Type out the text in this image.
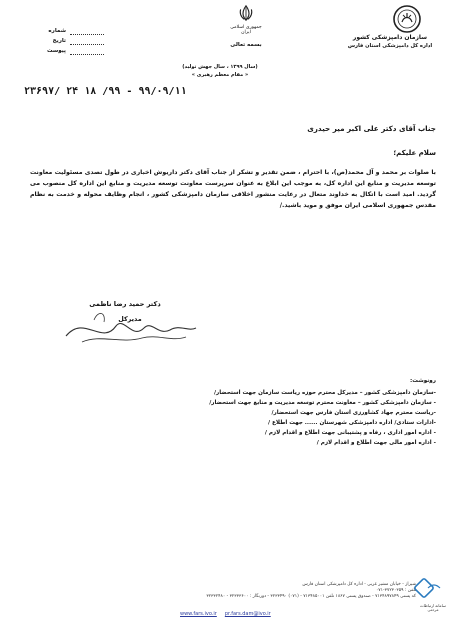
شماره
تاریخ
پیوست
جمهوری اسلامی ایران
بسمه تعالی
سازمان دامپزشکی کشور
اداره کل دامپزشکی استان فارس
(سال ۱۳۹۹ ، سال جهش تولید)
« مقام معظم رهبری »
۹۹/۰۹/۱۱ - ۹۹/ ۱۸ ۲۴ /۲۳۶۹۷
جناب آقای دکتر علی اکبر میر حیدری
سلام علیکم؛
با صلوات بر محمد و آل محمد(ص)، با احترام ، ضمن تقدیر و تشکر از جناب آقای دکتر داریوش اخباری در طول تصدی مسئولیت معاونت توسعه مدیریت و منابع این اداره کل، به موجب این ابلاغ به عنوان سرپرست معاونت توسعه مدیریت و منابع این اداره کل منصوب می گردید. امید است با اتکال به خداوند متعال در رعایت منشور اخلاقی سازمان دامپزشکی کشور ، انجام وظایف محوله و خدمت به نظام مقدس جمهوری اسلامی ایران موفق و موید باشید./
دکتر حمید رضا ناظمی
مدیرکل
رونوشت:
-سازمان دامپزشکی کشور – مدیرکل محترم حوزه ریاست سازمان جهت استحضار/
- سازمان دامپزشکی کشور – معاونت محترم توسعه مدیریت و منابع جهت استحضار/
-ریاست محترم جهاد کشاورزی استان فارس جهت استحضار/
-ادارات ستادی/ اداره دامپزشکی شهرستان ...... جهت اطلاع /
- اداره امور اداری ، رفاه و پشتیبانی جهت اطلاع و اقدام لازم /
- اداره امور مالی جهت اطلاع و اقدام لازم /
شیراز - خیابان مشیر غربی - اداره کل دامپزشکی استان فارس
تلفن : ۳۷۲۳۰۳۵۹-۰۷۱
کد پستی ۷۱۳۴۸۹۷۸۴۹ - صندوق پستی ۱۸۶۷ تلفن ۷۱۳۴۸۵۰۰۱ - (۰۷۱) ۳۲۳۳۴۹۰ - دورنگار : ۳۲۳۳۳۶۰۰ - ۳۲۳۳۲۴۸۰
سامانه ارتباطات مردمی
www.fars.ivo.ir pr.fars.dam@ivo.ir
